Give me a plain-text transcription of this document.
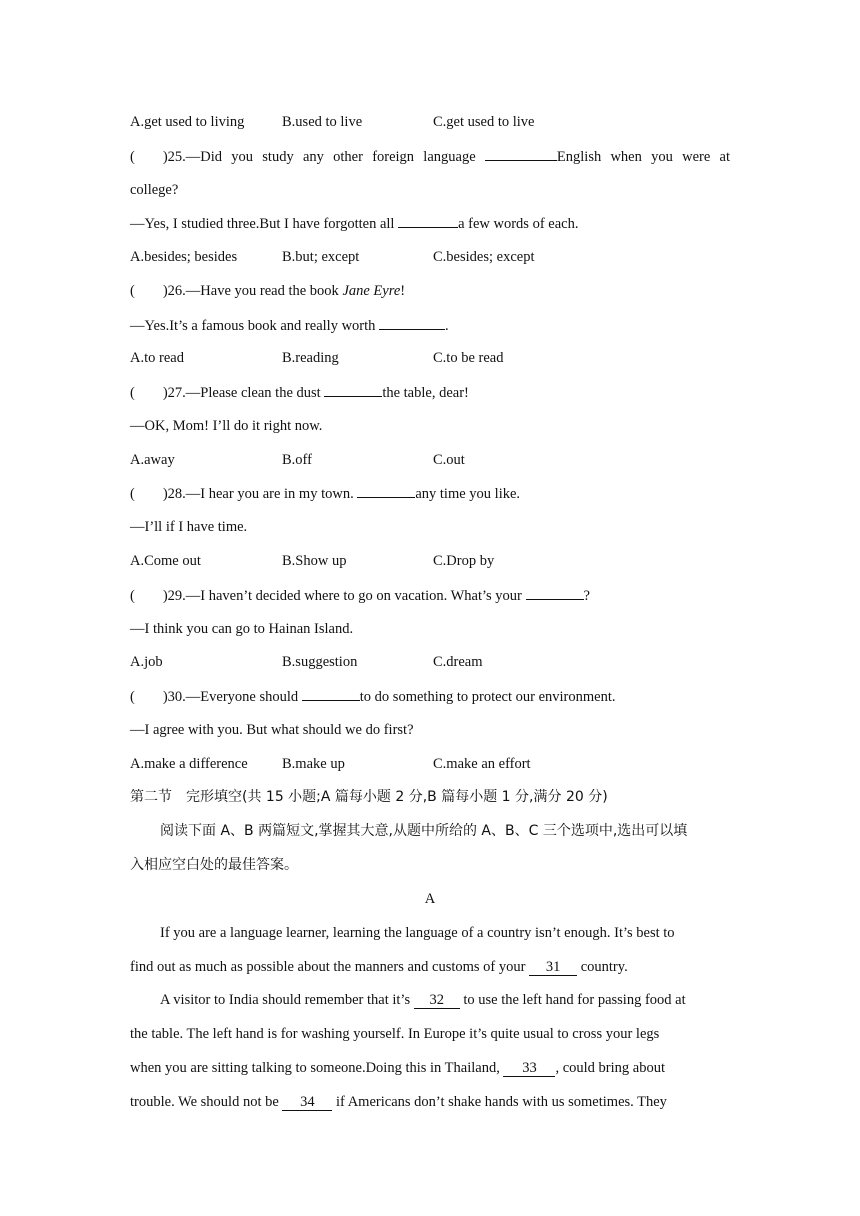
A.get used to living	B.used to live	C.get used to live
( )25.—Did you study any other foreign language	English when you were at
college?
—Yes, I studied three.But I have forgotten all	a few words of each.
A.besides; besides	B.but; except	C.besides; except
( )26.—Have you read the book Jane Eyre!
—Yes.It’s a famous book and really worth	.
A.to read	B.reading	C.to be read
( )27.—Please clean the dust	the table, dear!
—OK, Mom! I’ll do it right now.
A.away	B.off	C.out
( )28.—I hear you are in my town.	any time you like.
—I’ll if I have time.
A.Come out	B.Show up	C.Drop by
( )29.—I haven’t decided where to go on vacation. What’s your	?
—I think you can go to Hainan Island.
A.job	B.suggestion	C.dream
( )30.—Everyone should	to do something to protect our environment.
—I agree with you. But what should we do first?
A.make a difference B.make up	C.make an effort
第二节　完形填空(共 15 小题;A 篇每小题 2 分,B 篇每小题 1 分,满分 20 分)
阅读下面 A、B 两篇短文,掌握其大意,从题中所给的 A、B、C 三个选项中,选出可以填
入相应空白处的最佳答案。
A
If you are a language learner, learning the language of a country isn’t enough. It’s best to
find out as much as possible about the manners and customs of your 31 country.
A visitor to India should remember that it’s 32 to use the left hand for passing food at
the table. The left hand is for washing yourself. In Europe it’s quite usual to cross your legs
when you are sitting talking to someone.Doing this in Thailand, 33 , could bring about
trouble. We should not be 34 if Americans don’t shake hands with us sometimes. They
